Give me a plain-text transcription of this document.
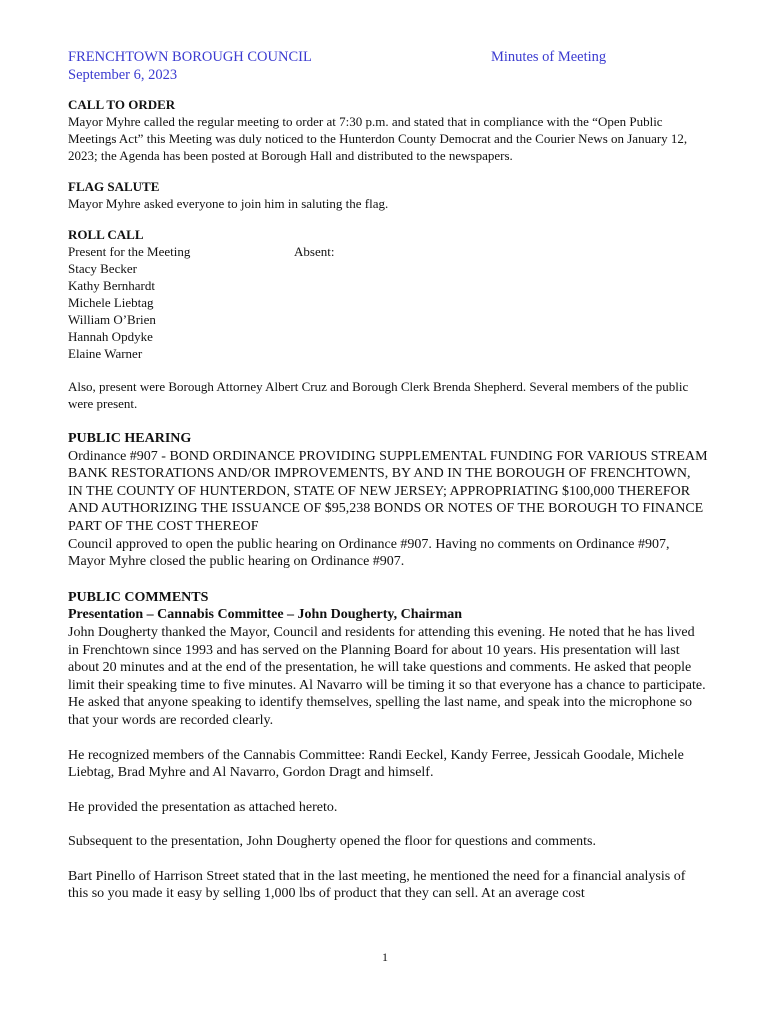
FRENCHTOWN BOROUGH COUNCIL	Minutes of Meeting
September 6, 2023

CALL TO ORDER

Mayor Myhre called the regular meeting to order at 7:30 p.m. and stated that in compliance with the “Open Public Meetings Act” this Meeting was duly noticed to the Hunterdon County Democrat and the Courier News on January 12, 2023; the Agenda has been posted at Borough Hall and distributed to the newspapers.

FLAG SALUTE

Mayor Myhre asked everyone to join him in saluting the flag.

ROLL CALL

Present for the Meeting

Stacy Becker

Kathy Bernhardt

Michele Liebtag

William O’Brien

Hannah Opdyke

Elaine Warner

Absent:

Also, present were Borough Attorney Albert Cruz and Borough Clerk Brenda Shepherd. Several members of the public were present.

PUBLIC HEARING

Ordinance #907 - BOND ORDINANCE PROVIDING SUPPLEMENTAL FUNDING FOR VARIOUS STREAM BANK RESTORATIONS AND/OR IMPROVEMENTS, BY AND IN THE BOROUGH OF FRENCHTOWN, IN THE COUNTY OF HUNTERDON, STATE OF NEW JERSEY; APPROPRIATING $100,000 THEREFOR AND AUTHORIZING THE ISSUANCE OF $95,238 BONDS OR NOTES OF THE BOROUGH TO FINANCE PART OF THE COST THEREOF

Council approved to open the public hearing on Ordinance #907. Having no comments on Ordinance #907, Mayor Myhre closed the public hearing on Ordinance #907.

PUBLIC COMMENTS

Presentation – Cannabis Committee – John Dougherty, Chairman

John Dougherty thanked the Mayor, Council and residents for attending this evening. He noted that he has lived in Frenchtown since 1993 and has served on the Planning Board for about 10 years. His presentation will last about 20 minutes and at the end of the presentation, he will take questions and comments. He asked that people limit their speaking time to five minutes. Al Navarro will be timing it so that everyone has a chance to participate. He asked that anyone speaking to identify themselves, spelling the last name, and speak into the microphone so that your words are recorded clearly.

He recognized members of the Cannabis Committee: Randi Eeckel, Kandy Ferree, Jessicah Goodale, Michele Liebtag, Brad Myhre and Al Navarro, Gordon Dragt and himself.

He provided the presentation as attached hereto.

Subsequent to the presentation, John Dougherty opened the floor for questions and comments.

Bart Pinello of Harrison Street stated that in the last meeting, he mentioned the need for a financial analysis of this so you made it easy by selling 1,000 lbs of product that they can sell. At an average cost

1
